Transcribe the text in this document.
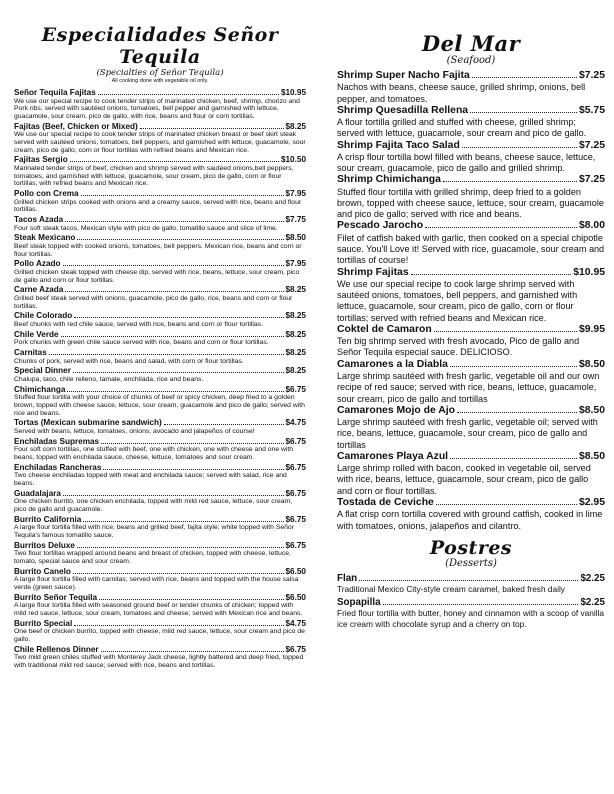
Especialidades Señor Tequila
(Specialties of Señor Tequila)
All cooking done with vegetable oil only.
Señor Tequila Fajitas	$10.95
We use our special recipe to cook tender strips of marinated chicken, beef, shrimp, chorizo and Pork ribs, served with sautéed onions, tomatoes, bell pepper and garnished with lettuce, guacamole, sour cream, pico de gallo, with rice, beans and flour or corn tortillas.
Fajitas (Beef, Chicken or Mixed)	$8.25
We use our special recipe to cook tender strips of marinated chicken breast or beef skirt steak served with sautéed onions, tomatoes, bell peppers, and garnished with lettuce, guacamole, sour cream, pico de gallo, corn or flour tortillas with refried beans and Mexican rice.
Fajitas Sergio	$10.50
Marinated tender strips of beef, chicken and shrimp served with sautéed onions,bell peppers, tomatoes, and garnished with lettuce, guacamole, sour cream, pico de gallo, corn or flour tortillas, with refried beans and Mexican rice.
Pollo con Crema	$7.95
Grilled chicken strips cooked with onions and a creamy sauce, served with rice, beans and flour tortillas.
Tacos Azada	$7.75
Four soft steak tacos, Mexican style with pico de gallo, tomatillo sauce and slice of lime.
Steak Mexicano	$8.50
Beef steak topped with cooked onions, tomatoes, bell peppers. Mexican rice, beans and corn or flour tortillas.
Pollo Azado	$7.95
Grilled chicken steak topped with cheese dip, served with rice, beans, lettuce, sour cream, pico de gallo and corn or flour tortillas.
Carne Azada	$8.25
Grilled beef steak served with onions, guacamole, pico de gallo, rice, beans and corn or flour tortillas.
Chile Colorado	$8.25
Beef chunks with red chile sauce, served with rice, beans and corn or flour tortillas.
Chile Verde	$8.25
Pork chunks with green chile sauce served with rice, beans and corn or flour tortillas.
Carnitas	$8.25
Chunks of pork, served with rice, beans and salad, with corn or flour tortillas.
Special Dinner	$8.25
Chalupa, taco, chile relleno, tamale, enchilada, rice and beans.
Chimichanga	$6.75
Stuffed flour tortilla with your choice of chunks of beef or spicy chicken, deep fried to a golden brown, topped with cheese sauce, lettuce, sour cream, guacamole and pico de gallo; served with rice and beans.
Tortas (Mexican submarine sandwich)	$4.75
Served with beans, lettuce, tomatoes, onions, avocado and jalapeños of course!
Enchiladas Supremas	$6.75
Four soft corn tortillas, one stuffed with beef, one with chicken, one with cheese and one with beans, topped with enchilada sauce, cheese, lettuce, tomatoes and sour cream.
Enchiladas Rancheras	$6.75
Two cheese enchiladas topped with meat and enchilada sauce; served with salad, rice and beans.
Guadalajara	$6.75
One chicken burrito, one chicken enchilada, topped with mild red sauce, lettuce, sour cream, pico de gallo and guacamole.
Burrito California	$6.75
A large flour tortilla filled with rice, beans and grilled beef, fajita style; white topped with Señor Tequila's famous tomatillo sauce.
Burritos Deluxe	$6.75
Two flour tortillas wrapped around beans and breast of chicken, topped with cheese, lettuce, tomato, special sauce and sour cream.
Burrito Canelo	$6.50
A large flour tortilla filled with carnitas; served with rice, beans and topped with the house salsa verde (green sauce).
Burrito Señor Tequila	$6.50
A large flour tortilla filled with seasoned ground beef or tender chunks of chicken; topped with mild red sauce, lettuce, sour cream, tomatoes and cheese; served with Mexican rice and beans.
Burrito Special	$4.75
One beef or chicken burrito, topped with cheese, mild red sauce, lettuce, sour cream and pico de gallo.
Chile Rellenos Dinner	$6.75
Two mild green chiles stuffed with Monterey Jack cheese, lightly battered and deep fried, topped with traditional mild red sauce; served with rice, beans and tortillas.
Del Mar
(Seafood)
Shrimp Super Nacho Fajita	$7.25
Nachos with beans, cheese sauce, grilled shrimp, onions, bell pepper, and tomatoes.
Shrimp Quesadilla Rellena	$5.75
A flour tortilla grilled and stuffed with cheese, grilled shrimp; served with lettuce, guacamole, sour cream and pico de gallo.
Shrimp Fajita Taco Salad	$7.25
A crisp flour tortilla bowl filled with beans, cheese sauce, lettuce, sour cream, guacamole, pico de gallo and grilled shrimp.
Shrimp Chimichanga	$7.25
Stuffed flour tortilla with grilled shrimp, deep fried to a golden brown, topped with cheese sauce, lettuce, sour cream, guacamole and pico de gallo; served with rice and beans.
Pescado Jarocho	$8.00
Filet of catfish baked with garlic, then cooked on a special chipotle sauce. You'll Love it! Served with rice, guacamole, sour cream and tortillas of course!
Shrimp Fajitas	$10.95
We use our special recipe to cook large shrimp served with sautéed onions, tomatoes, bell peppers, and garnished with lettuce, guacamole, sour cream, pico de gallo, corn or flour tortillas; served with refried beans and Mexican rice.
Coktel de Camaron	$9.95
Ten big shrimp served with fresh avocado, Pico de gallo and Señor Tequila especial sauce. DELICIOSO.
Camarones a la Diabla	$8.50
Large shrimp sautéed with fresh garlic, vegetable oil and our own recipe of red sauce; served with rice, beans, lettuce, guacamole, sour cream, pico de gallo and tortillas
Camarones Mojo de Ajo	$8.50
Large shrimp sautéed with fresh garlic, vegetable oil; served with rice, beans, lettuce, guacamole, sour cream, pico de gallo and tortillas
Camarones Playa Azul	$8.50
Large shrimp rolled with bacon, cooked in vegetable oil, served with rice, beans, lettuce, guacamole, sour cream, pico de gallo and corn or flour tortillas.
Tostada de Ceviche	$2.95
A flat crisp corn tortilla covered with ground catfish, cooked in lime with tomatoes, onions, jalapeños and cilantro.
Postres
(Desserts)
Flan	$2.25
Traditional Mexico City-style cream caramel, baked fresh daily
Sopapilla	$2.25
Fried flour tortilla with butter, honey and cinnamon with a scoop of vanilla ice cream with chocolate syrup and a cherry on top.
